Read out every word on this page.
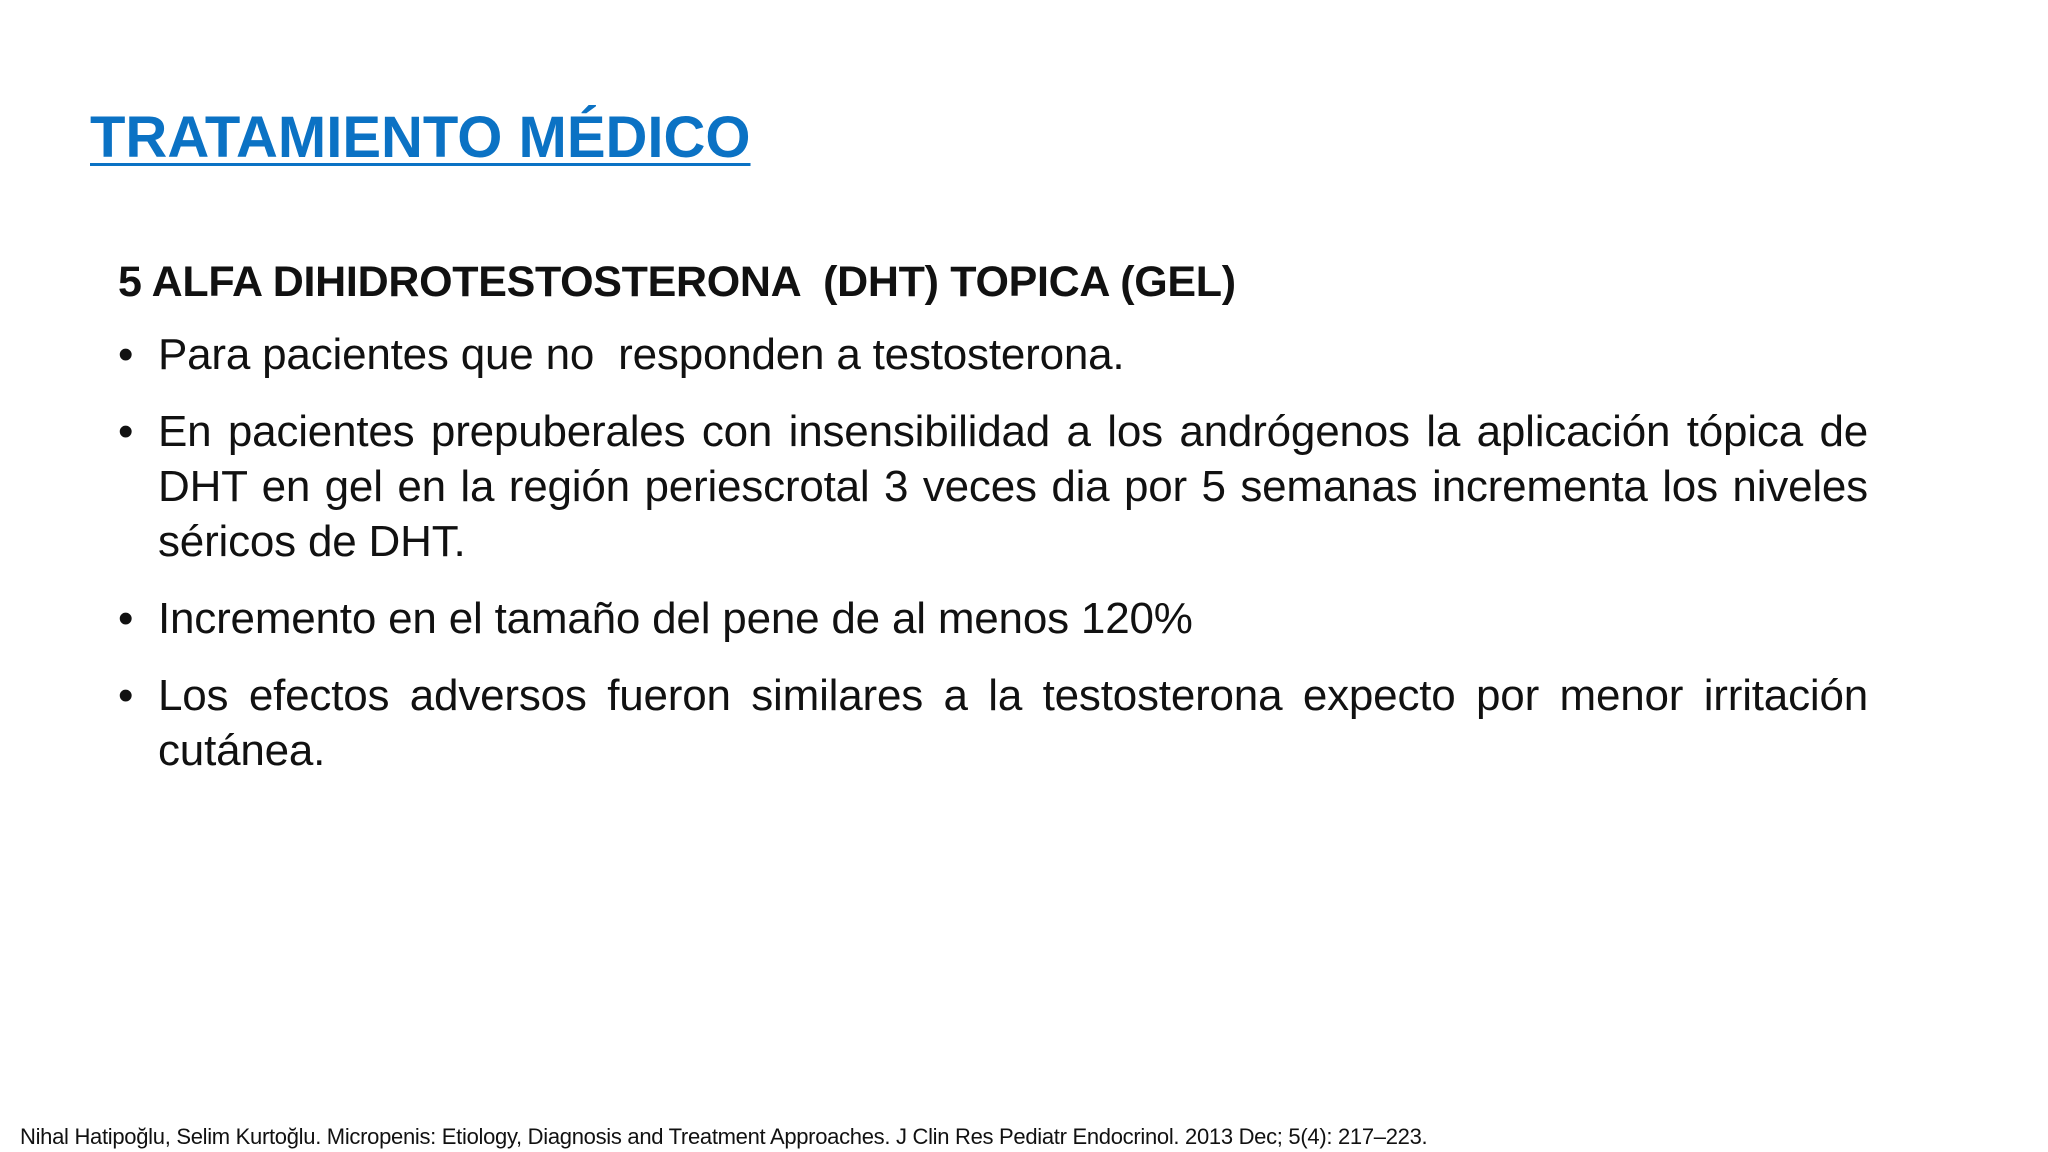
TRATAMIENTO MÉDICO
5 ALFA DIHIDROTESTOSTERONA  (DHT) TOPICA (GEL)
• Para pacientes que no  responden a testosterona.
• En pacientes prepuberales con insensibilidad a los andrógenos la aplicación tópica de DHT en gel en la región periescrotal 3 veces dia por 5 semanas incrementa los niveles séricos de DHT.
• Incremento en el tamaño del pene de al menos 120%
• Los efectos adversos fueron similares a la testosterona expecto por menor irritación cutánea.
Nihal Hatipoğlu, Selim Kurtoğlu. Micropenis: Etiology, Diagnosis and Treatment Approaches. J Clin Res Pediatr Endocrinol. 2013 Dec; 5(4): 217–223.
